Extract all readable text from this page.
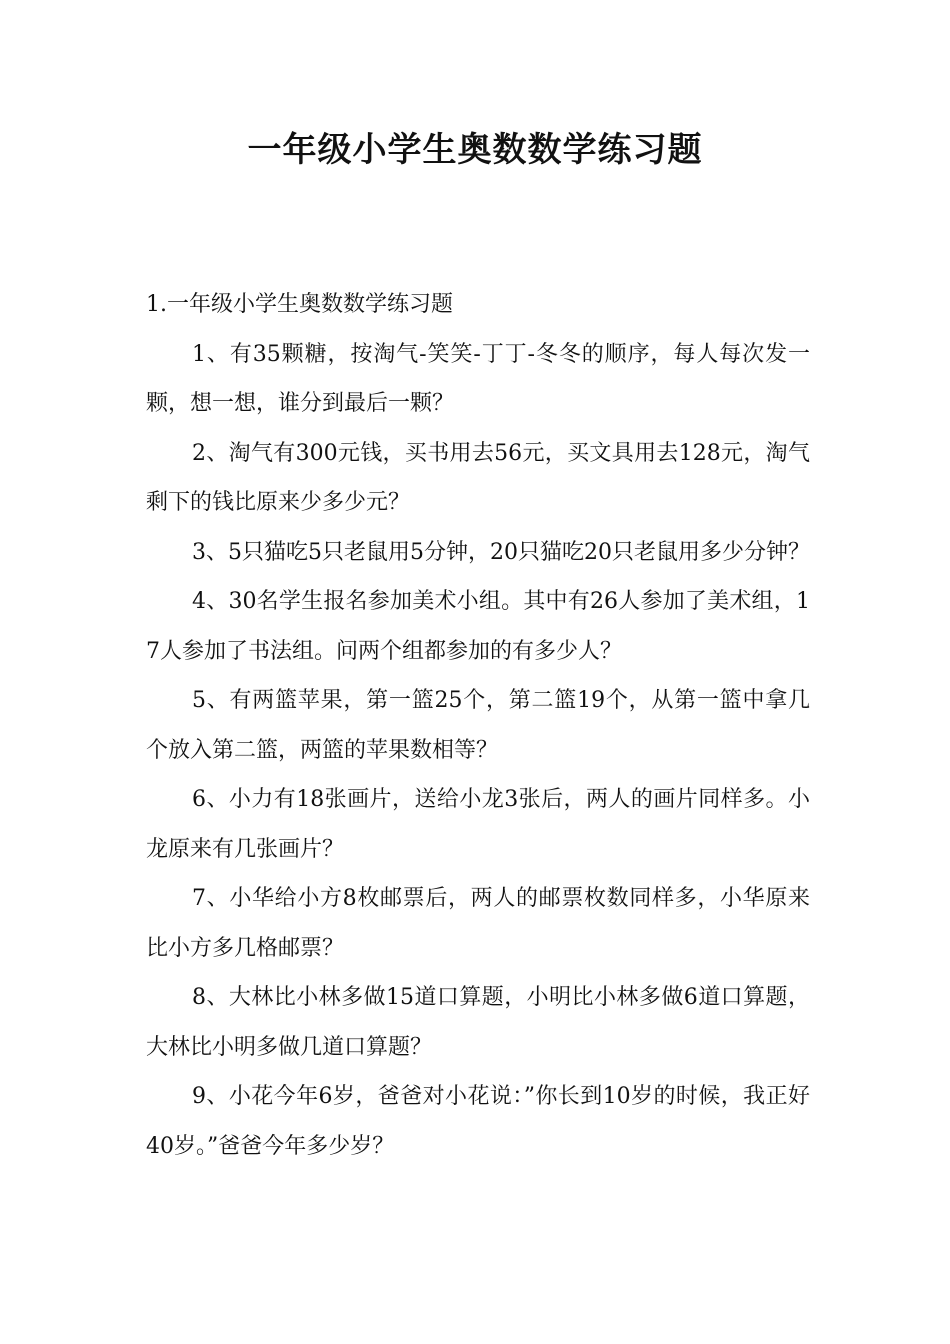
一年级小学生奥数数学练习题

1.一年级小学生奥数数学练习题

1、有35颗糖，按淘气-笑笑-丁丁-冬冬的顺序，每人每次发一颗，想一想，谁分到最后一颗？

2、淘气有300元钱，买书用去56元，买文具用去128元，淘气剩下的钱比原来少多少元？

3、5只猫吃5只老鼠用5分钟，20只猫吃20只老鼠用多少分钟？

4、30名学生报名参加美术小组。其中有26人参加了美术组，17人参加了书法组。问两个组都参加的有多少人？

5、有两篮苹果，第一篮25个，第二篮19个，从第一篮中拿几个放入第二篮，两篮的苹果数相等？

6、小力有18张画片，送给小龙3张后，两人的画片同样多。小龙原来有几张画片？

7、小华给小方8枚邮票后，两人的邮票枚数同样多，小华原来比小方多几格邮票？

8、大林比小林多做15道口算题，小明比小林多做6道口算题，大林比小明多做几道口算题？

9、小花今年6岁，爸爸对小花说：”你长到10岁的时候，我正好40岁。”爸爸今年多少岁？
